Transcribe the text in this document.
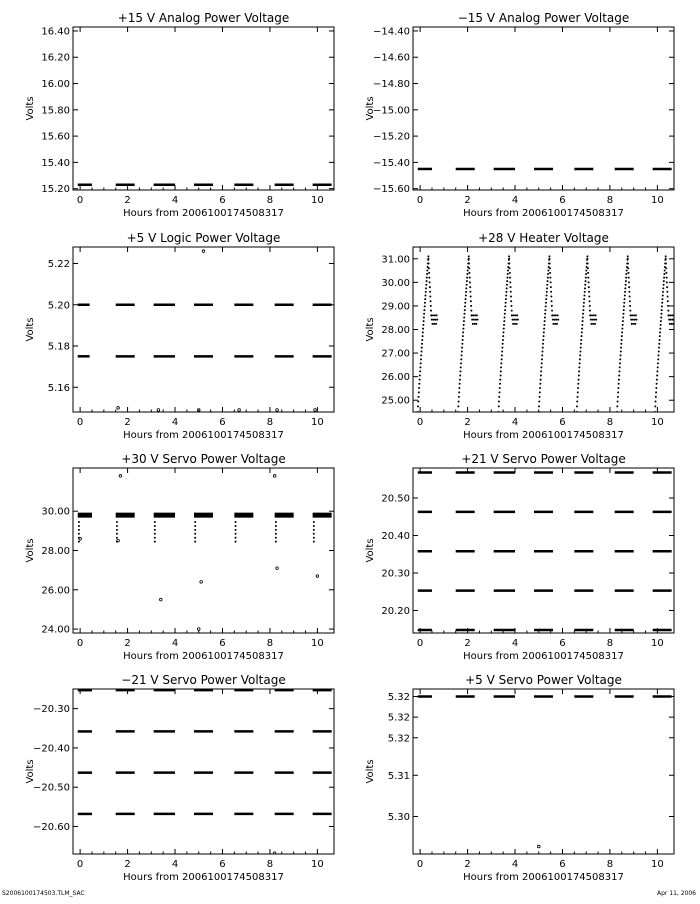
+15 V Analog Power Voltage
0	2	4	6	8	10
15.20
15.40
15.60
15.80
16.00
16.20
16.40
Hours from 2006100174508317
Volts
−15 V Analog Power Voltage
0	2	4	6	8	10
−14.40
−14.60
−14.80
−15.00
−15.20
−15.40
−15.60
Hours from 2006100174508317
Volts
+5 V Logic Power Voltage
0	2	4	6	8	10
5.16
5.18
5.20
5.22
Hours from 2006100174508317
Volts
+28 V Heater Voltage
0	2	4	6	8	10
25.00
26.00
27.00
28.00
29.00
30.00
31.00
Hours from 2006100174508317
Volts
+30 V Servo Power Voltage
0	2	4	6	8	10
24.00
26.00
28.00
30.00
Hours from 2006100174508317
Volts
+21 V Servo Power Voltage
0	2	4	6	8	10
20.20
20.30
20.40
20.50
Hours from 2006100174508317
Volts
−21 V Servo Power Voltage
0	2	4	6	8	10
−20.30
−20.40
−20.50
−20.60
Hours from 2006100174508317
Volts
+5 V Servo Power Voltage
0	2	4	6	8	10
5.30
5.31
5.32
5.32
5.32
Hours from 2006100174508317
Volts
S2006100174503.TLM_SAC	Apr 11, 2006
